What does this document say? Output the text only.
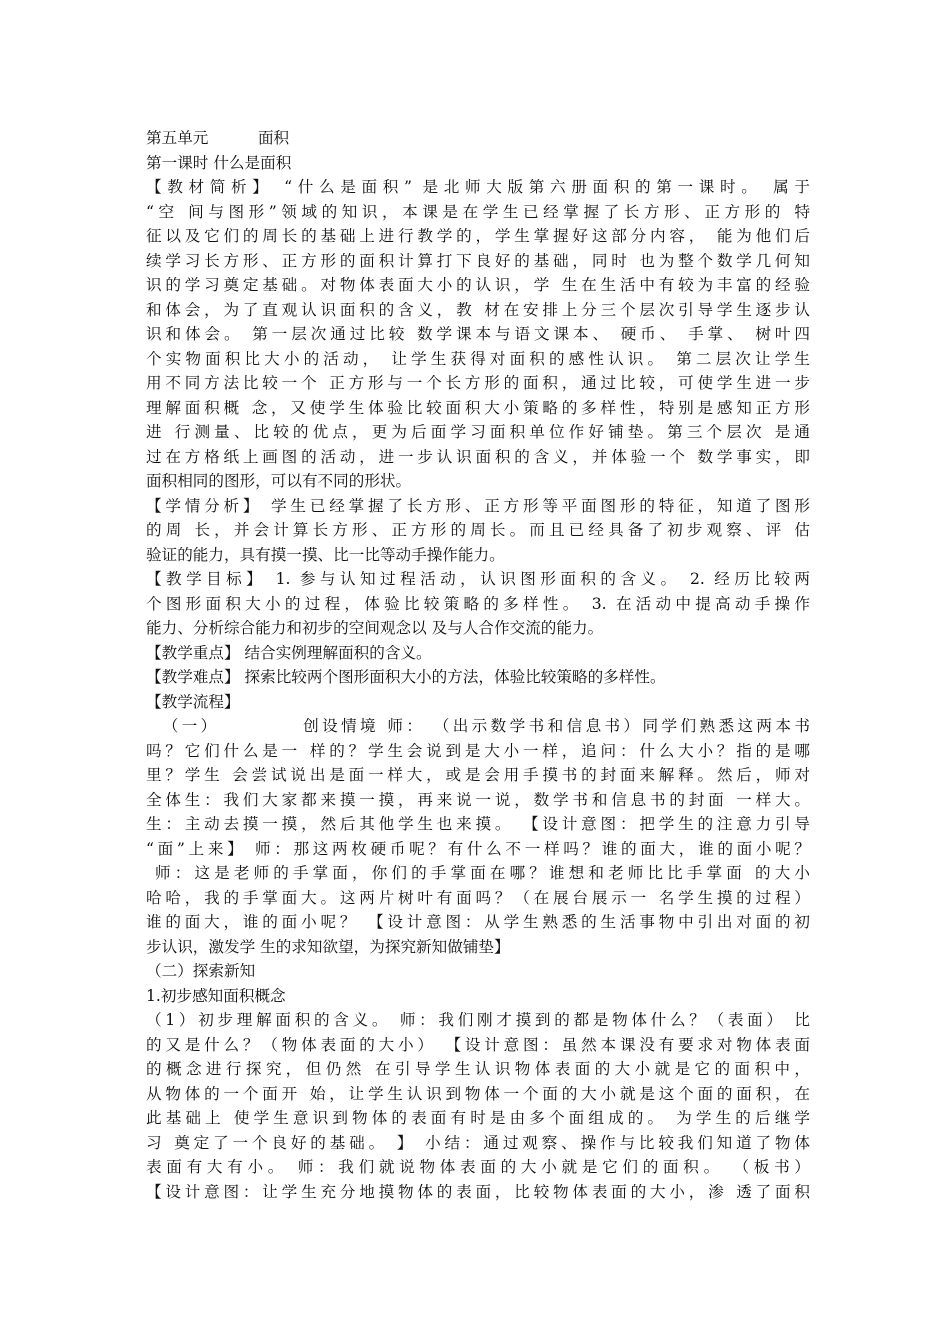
第五单元          面积
第一课时 什么是面积
【教材简析】 “什么是面积” 是北师大版第六册面积的第一课时。 属于
“空 间与图形”领域的知识，本课是在学生已经掌握了长方形、正方形的 特
征以及它们的周长的基础上进行教学的，学生掌握好这部分内容， 能为他们后
续学习长方形、正方形的面积计算打下良好的基础，同时 也为整个数学几何知
识的学习奠定基础。对物体表面大小的认识，学 生在生活中有较为丰富的经验
和体会，为了直观认识面积的含义，教 材在安排上分三个层次引导学生逐步认
识和体会。 第一层次通过比较 数学课本与语文课本、 硬币、 手掌、 树叶四
个实物面积比大小的活动， 让学生获得对面积的感性认识。 第二层次让学生
用不同方法比较一个 正方形与一个长方形的面积，通过比较，可使学生进一步
理解面积概 念，又使学生体验比较面积大小策略的多样性，特别是感知正方形
进 行测量、比较的优点，更为后面学习面积单位作好铺垫。第三个层次 是通
过在方格纸上画图的活动，进一步认识面积的含义，并体验一个 数学事实，即
面积相同的图形，可以有不同的形状。
【学情分析】 学生已经掌握了长方形、正方形等平面图形的特征，知道了图形
的周 长，并会计算长方形、正方形的周长。而且已经具备了初步观察、评 估
验证的能力，具有摸一摸、比一比等动手操作能力。
【教学目标】 1. 参与认知过程活动，认识图形面积的含义。 2. 经历比较两
个图形面积大小的过程，体验比较策略的多样性。 3. 在活动中提高动手操作
能力、分析综合能力和初步的空间观念以 及与人合作交流的能力。
【教学重点】 结合实例理解面积的含义。
【教学难点】 探索比较两个图形面积大小的方法，体验比较策略的多样性。
【教学流程】
（一）          创设情境 师： （出示数学书和信息书）同学们熟悉这两本书
吗？它们什么是一 样的？学生会说到是大小一样，追问：什么大小？指的是哪
里？学生 会尝试说出是面一样大，或是会用手摸书的封面来解释。然后，师对
全体生：我们大家都来摸一摸，再来说一说，数学书和信息书的封面 一样大。
生：主动去摸一摸，然后其他学生也来摸。 【设计意图：把学生的注意力引导
“面”上来】 师：那这两枚硬币呢？有什么不一样吗？谁的面大，谁的面小呢？
师：这是老师的手掌面，你们的手掌面在哪？谁想和老师比比手掌面 的大小
哈哈，我的手掌面大。这两片树叶有面吗？（在展台展示一 名学生摸的过程）
谁的面大，谁的面小呢？ 【设计意图：从学生熟悉的生活事物中引出对面的初
步认识，激发学 生的求知欲望，为探究新知做铺垫】
（二）探索新知
1.初步感知面积概念
（1）初步理解面积的含义。 师：我们刚才摸到的都是物体什么？（表面） 比
的又是什么？（物体表面的大小） 【设计意图：虽然本课没有要求对物体表面
的概念进行探究，但仍然 在引导学生认识物体表面的大小就是它的面积中，
从物体的一个面开 始，让学生认识到物体一个面的大小就是这个面的面积，在
此基础上 使学生意识到物体的表面有时是由多个面组成的。 为学生的后继学
习 奠定了一个良好的基础。 】 小结：通过观察、操作与比较我们知道了物体
表面有大有小。 师：我们就说物体表面的大小就是它们的面积。 （板书）
【设计意图：让学生充分地摸物体的表面，比较物体表面的大小，渗 透了面积
